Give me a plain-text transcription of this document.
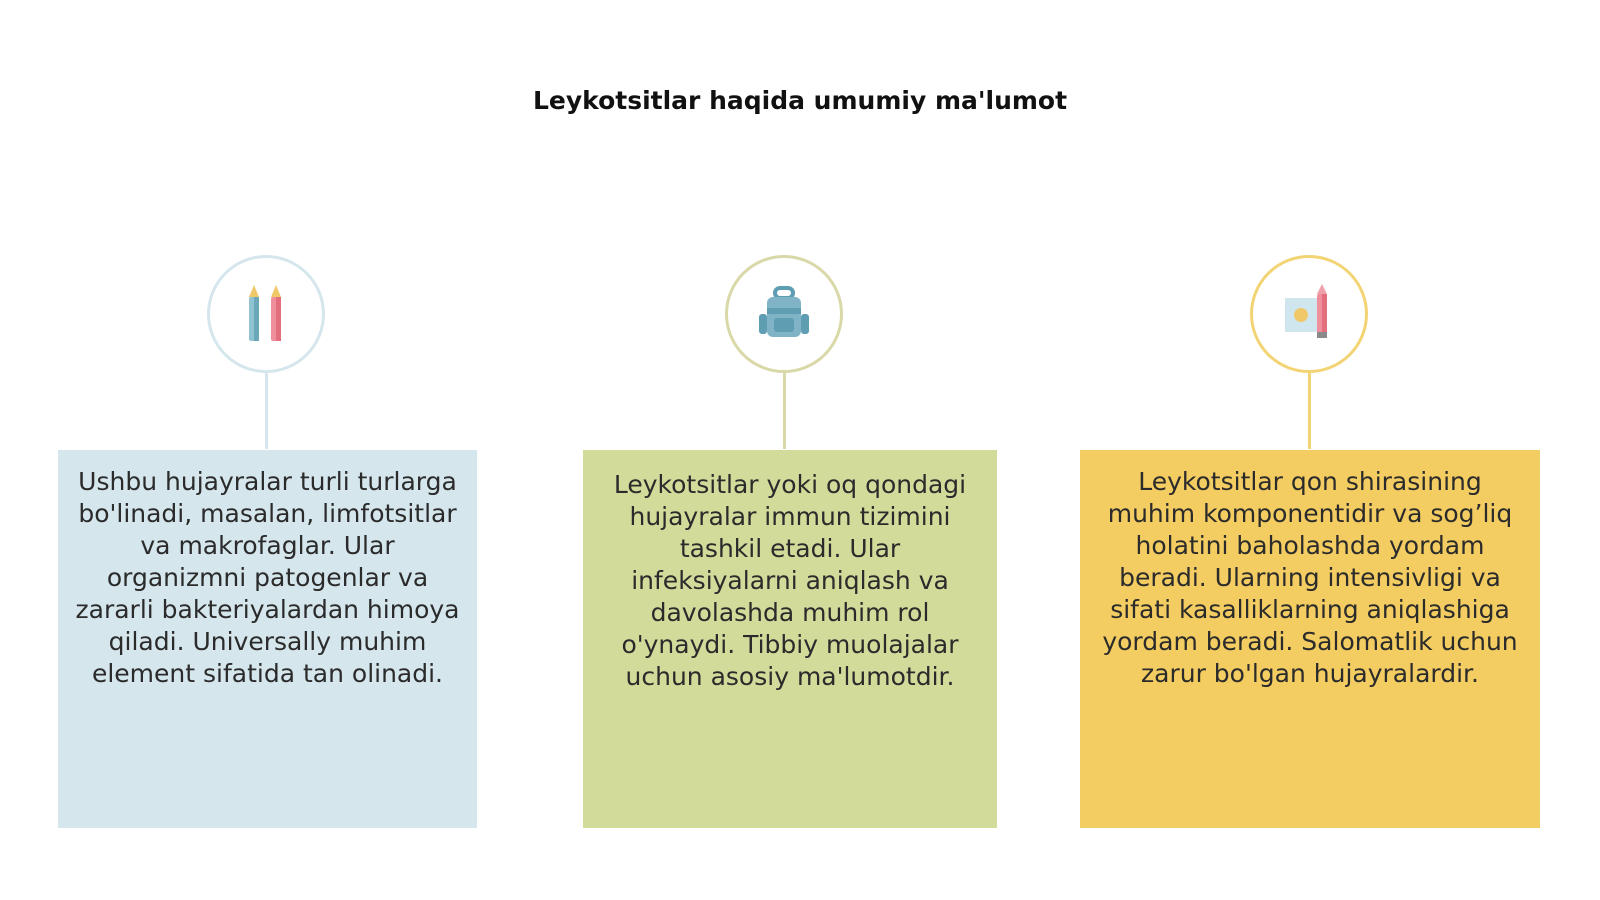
Leykotsitlar haqida umumiy ma'lumot
Ushbu hujayralar turli turlarga bo'linadi, masalan, limfotsitlar va makrofaglar. Ular organizmni patogenlar va zararli bakteriyalardan himoya qiladi. Universally muhim element sifatida tan olinadi.
Leykotsitlar yoki oq qondagi hujayralar immun tizimini tashkil etadi. Ular infeksiyalarni aniqlash va davolashda muhim rol o'ynaydi. Tibbiy muolajalar uchun asosiy ma'lumotdir.
Leykotsitlar qon shirasining muhim komponentidir va sog’liq holatini baholashda yordam beradi. Ularning intensivligi va sifati kasalliklarning aniqlashiga yordam beradi. Salomatlik uchun zarur bo'lgan hujayralardir.
